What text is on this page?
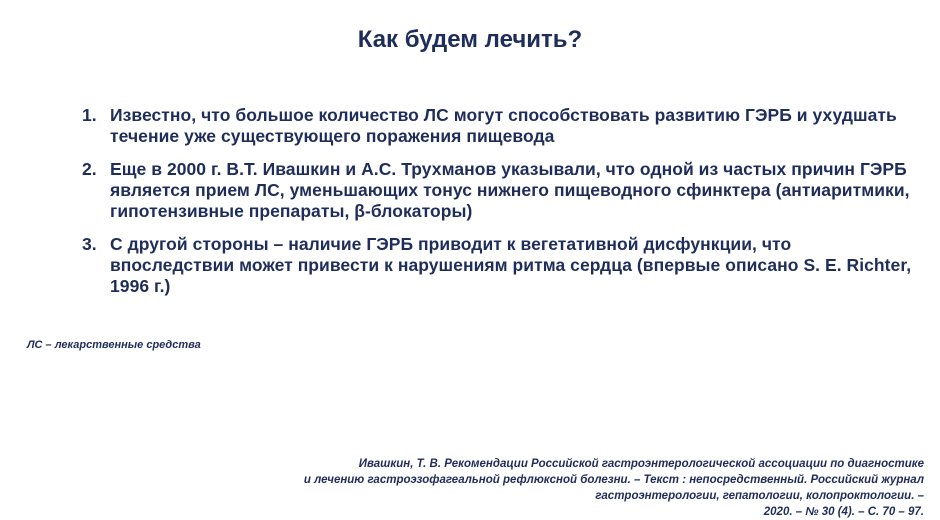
Как будем лечить?
1. Известно, что большое количество ЛС могут способствовать развитию ГЭРБ и ухудшать течение уже существующего поражения пищевода
2. Еще в 2000 г. В.Т. Ивашкин и А.С. Трухманов указывали, что одной из частых причин ГЭРБ является прием ЛС, уменьшающих тонус нижнего пищеводного сфинктера (антиаритмики, гипотензивные препараты, β-блокаторы)
3. С другой стороны – наличие ГЭРБ приводит к вегетативной дисфункции, что впоследствии может привести к нарушениям ритма сердца (впервые описано S. E. Richter, 1996 г.)

ЛС – лекарственные средства

Ивашкин, Т. В. Рекомендации Российской гастроэнтерологической ассоциации по диагностике
и лечению гастроэзофагеальной рефлюксной болезни. – Текст : непосредственный. Российский журнал
гастроэнтерологии, гепатологии, колопроктологии. –
2020. – № 30 (4). – С. 70 – 97.
